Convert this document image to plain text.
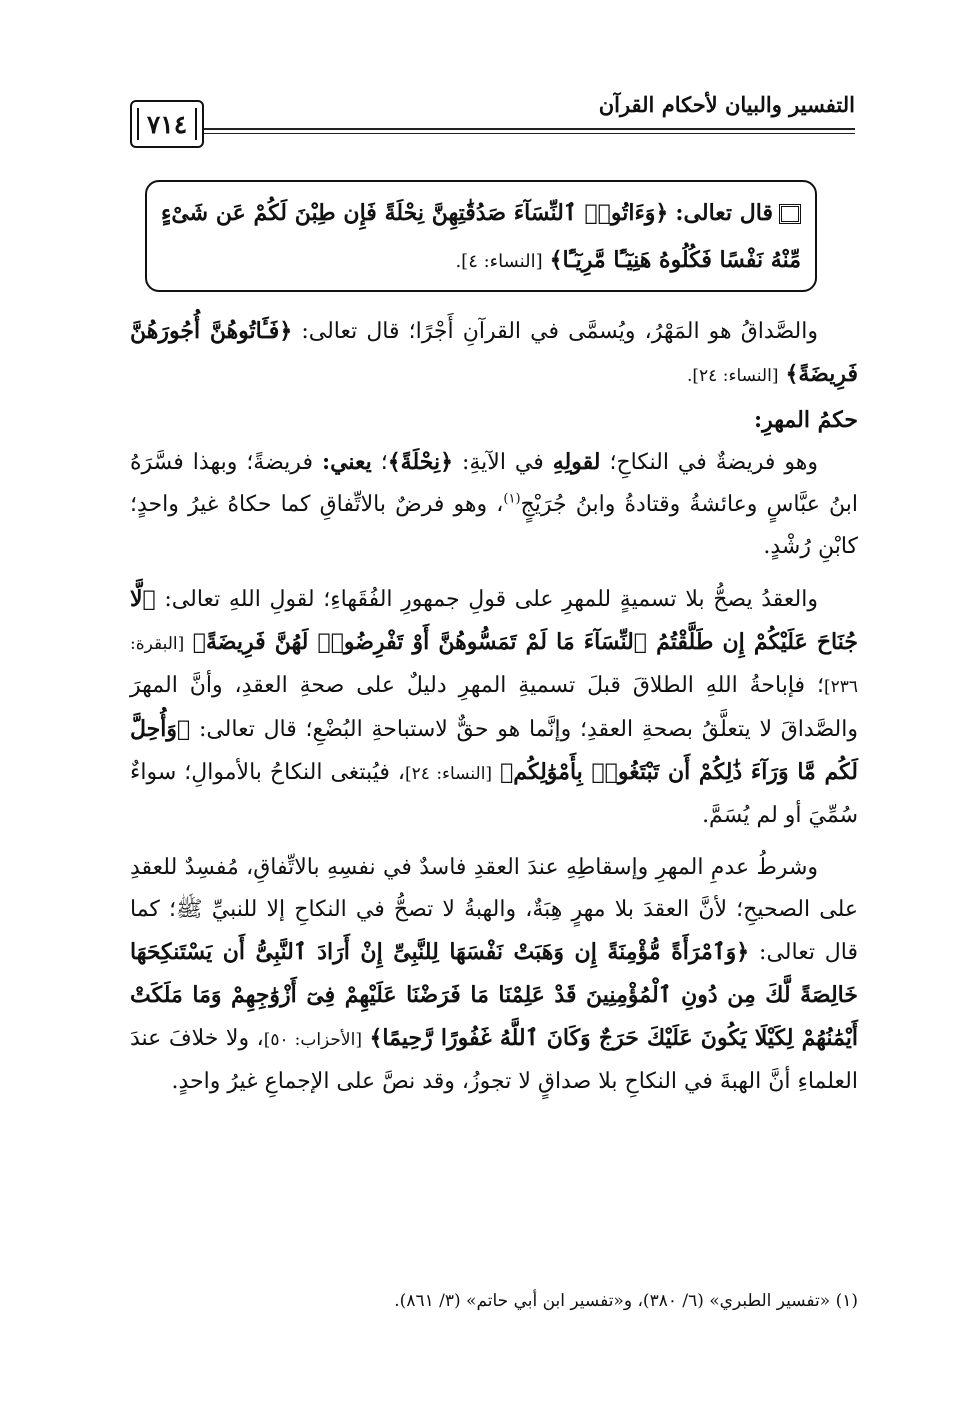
التفسير والبيان لأحكام القرآن
٧١٤
قال تعالى: ﴿وَءَاتُوا۟ ٱلنِّسَآءَ صَدُقَٰتِهِنَّ نِحْلَةً فَإِن طِبْنَ لَكُمْ عَن شَىْءٍ مِّنْهُ نَفْسًا فَكُلُوهُ هَنِيٓـًٔا مَّرِيٓـًٔا﴾ [النساء: ٤].

والصَّداقُ هو المَهْرُ، ويُسمَّى في القرآنِ أَجْرًا؛ قال تعالى: ﴿فَـَٔاتُوهُنَّ أُجُورَهُنَّ فَرِيضَةً﴾ [النساء: ٢٤].

حكمُ المهرِ:

وهو فريضةٌ في النكاحِ؛ لقولِهِ في الآيةِ: ﴿نِحْلَةً﴾؛ يعني: فريضةً؛ وبهذا فسَّرَهُ ابنُ عبَّاسٍ وعائشةُ وقتادةُ وابنُ جُرَيْجٍ$^{(١)}$، وهو فرضٌ بالاتِّفاقِ كما حكاهُ غيرُ واحدٍ؛ كابْنِ رُشْدٍ.

والعقدُ يصحُّ بلا تسميةٍ للمهرِ على قولِ جمهورِ الفُقَهاءِ؛ لقولِ اللهِ تعالى: ﴿لَّا جُنَاحَ عَلَيْكُمْ إِن طَلَّقْتُمُ ٱلنِّسَآءَ مَا لَمْ تَمَسُّوهُنَّ أَوْ تَفْرِضُوا۟ لَهُنَّ فَرِيضَةً﴾ [البقرة: ٢٣٦]؛ فإباحةُ اللهِ الطلاقَ قبلَ تسميةِ المهرِ دليلٌ على صحةِ العقدِ، وأنَّ المهرَ والصَّداقَ لا يتعلَّقُ بصحةِ العقدِ؛ وإنَّما هو حقٌّ لاستباحةِ البُضْعِ؛ قال تعالى: ﴿وَأُحِلَّ لَكُم مَّا وَرَآءَ ذَٰلِكُمْ أَن تَبْتَغُوا۟ بِأَمْوَٰلِكُم﴾ [النساء: ٢٤]، فيُبتغى النكاحُ بالأموالِ؛ سواءٌ سُمِّيَ أو لم يُسَمَّ.

وشرطُ عدمِ المهرِ وإسقاطِهِ عندَ العقدِ فاسدٌ في نفسِهِ بالاتِّفاقِ، مُفسِدٌ للعقدِ على الصحيحِ؛ لأنَّ العقدَ بلا مهرٍ هِبَةٌ، والهبةُ لا تصحُّ في النكاحِ إلا للنبيِّ ﷺ؛ كما قال تعالى: ﴿وَٱمْرَأَةً مُّؤْمِنَةً إِن وَهَبَتْ نَفْسَهَا لِلنَّبِىِّ إِنْ أَرَادَ ٱلنَّبِىُّ أَن يَسْتَنكِحَهَا خَالِصَةً لَّكَ مِن دُونِ ٱلْمُؤْمِنِينَ قَدْ عَلِمْنَا مَا فَرَضْنَا عَلَيْهِمْ فِىٓ أَزْوَٰجِهِمْ وَمَا مَلَكَتْ أَيْمَٰنُهُمْ لِكَيْلَا يَكُونَ عَلَيْكَ حَرَجٌ وَكَانَ ٱللَّهُ غَفُورًا رَّحِيمًا﴾ [الأحزاب: ٥٠]، ولا خلافَ عندَ العلماءِ أنَّ الهبةَ في النكاحِ بلا صداقٍ لا تجوزُ، وقد نصَّ على الإجماعِ غيرُ واحدٍ.

(١) «تفسير الطبري» (٦/ ٣٨٠)، و«تفسير ابن أبي حاتم» (٣/ ٨٦١).
